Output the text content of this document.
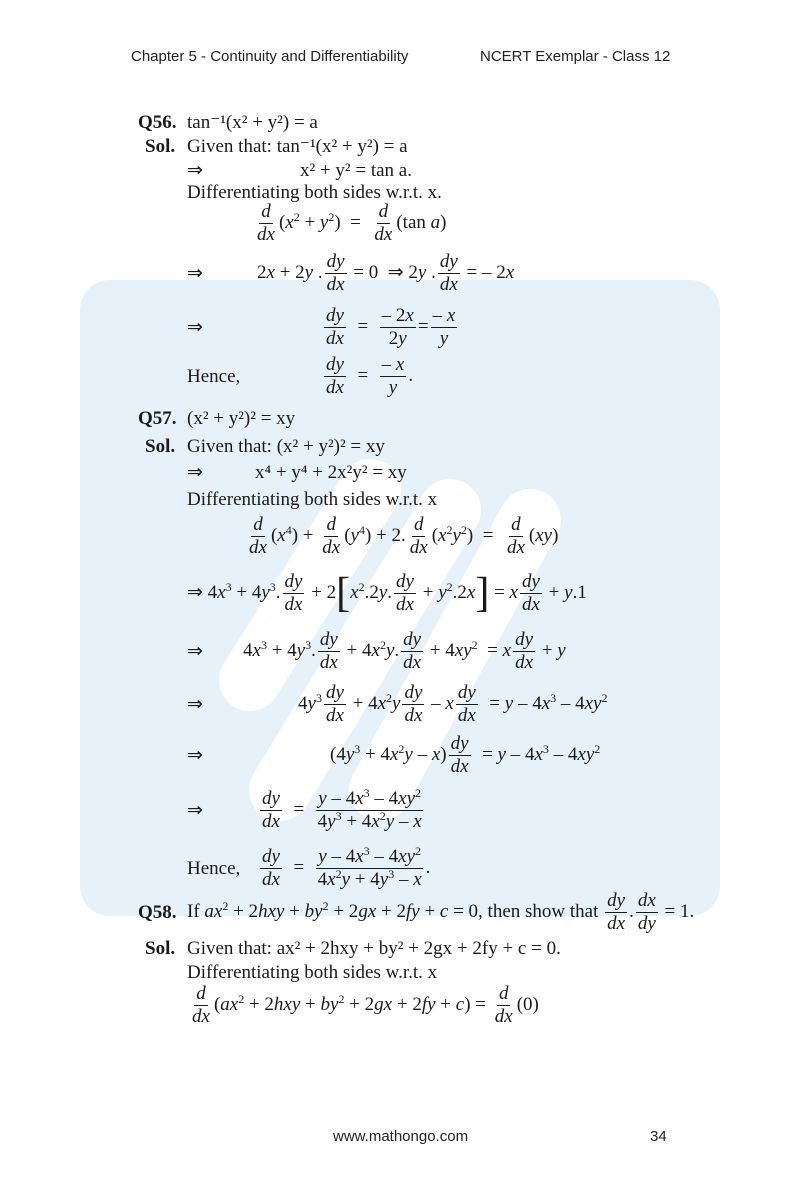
Chapter 5 - Continuity and Differentiability	NCERT Exemplar - Class 12
Q56. tan⁻¹(x² + y²) = a
Sol. Given that: tan⁻¹(x² + y²) = a
⇒	x² + y² = tan a.
Differentiating both sides w.r.t. x.
$\frac{d}{dx} (x^2 + y^2) = \frac{d}{dx} (\tan$ a)
⇒	2x + 2y . $\frac{dy}{dx} = 0$  ⇒ 2y . $\frac{dy}{dx}$ = – 2x
⇒	$\frac{dy}{dx} = \frac{- 2x}{2y} = \frac{- x}{y}$
Hence,	$\frac{dy}{dx} = \frac{- x}{y}$ .
Q57. (x² + y²)² = xy
Sol. Given that: (x² + y²)² = xy
⇒	x⁴ + y⁴ + 2x²y² = xy
Differentiating both sides w.r.t. x
$\frac{d}{dx} (x^4) + \frac{d}{dx} (y^4) + 2$. $\frac{d}{dx} (x^2y^2) = \frac{d}{dx} (xy)$
⇒ $4x^3 + 4y^3$. $\frac{dy}{dx} + 2[x^2.2y$. $\frac{dy}{dx} + y^2.2x] = x \frac{dy}{dx} + y.1$
⇒ $4x^3 + 4y^3$. $\frac{dy}{dx} + 4x^2y$. $\frac{dy}{dx} + 4xy^2 = x \frac{dy}{dx} + y$
⇒	$4y^3 \frac{dy}{dx} + 4x^2y \frac{dy}{dx} - x \frac{dy}{dx} = y - 4x^3 - 4xy^2$
⇒	$(4y^3 + 4x^2y - x) \frac{dy}{dx} = y - 4x^3 - 4xy^2$
⇒	$\frac{dy}{dx} = \frac{y - 4x^3 - 4xy^2}{4y^3 + 4x^2y - x}$
Hence, $\frac{dy}{dx} = \frac{y - 4x^3 - 4xy^2}{4x^2y + 4y^3 - x}$ .
Q58. If $ax^2 + 2hxy + by^2 + 2gx + 2fy + c = 0$, then show that $\frac{dy}{dx}$ . $\frac{dx}{dy} = 1$.
Sol. Given that: ax² + 2hxy + by² + 2gx + 2fy + c = 0.
Differentiating both sides w.r.t. x
$\frac{d}{dx} (ax^2 + 2hxy + by^2 + 2gx + 2fy + c) = \frac{d}{dx} (0)$
www.mathongo.com	34
